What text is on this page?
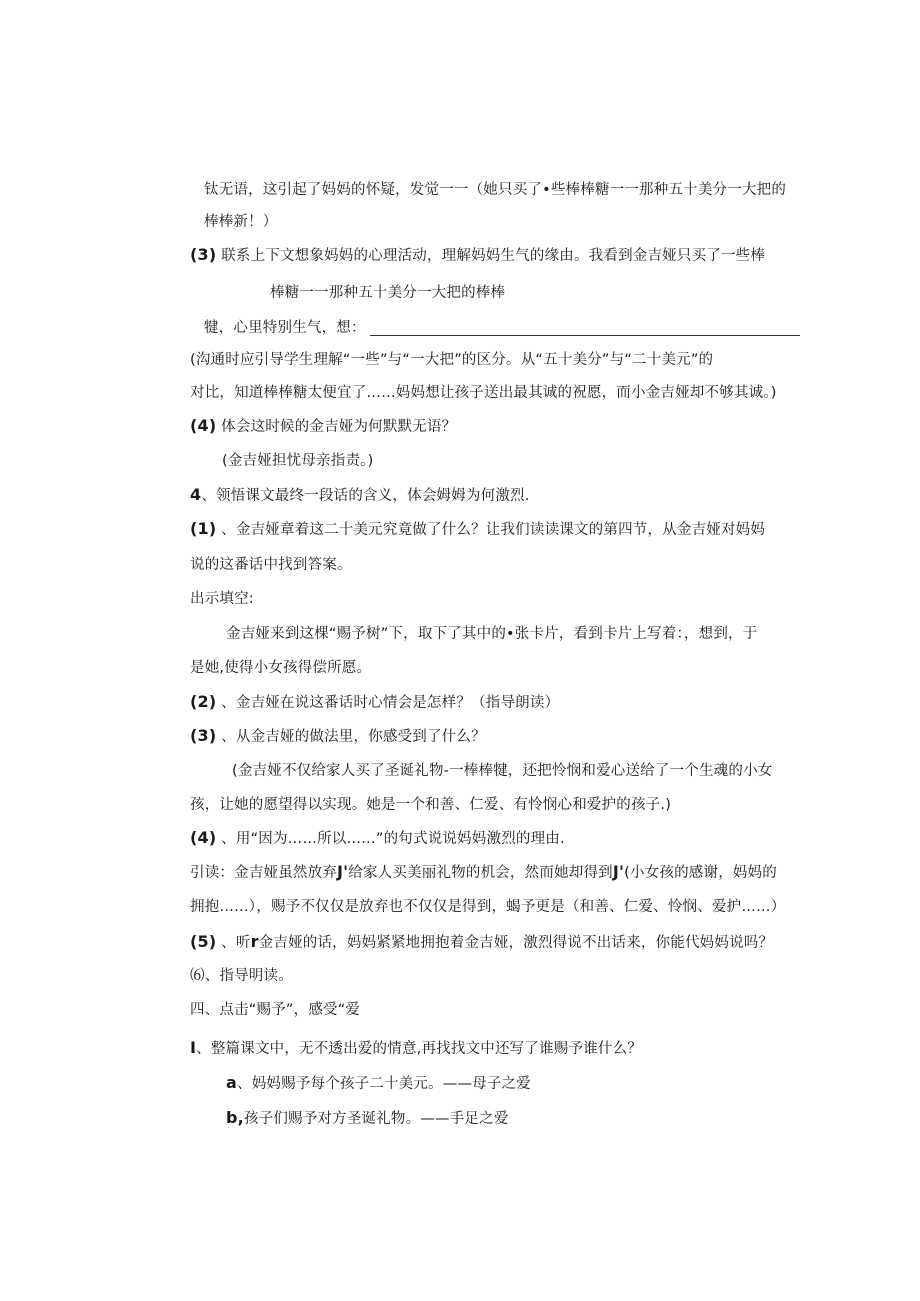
钛无语，这引起了妈妈的怀疑，发觉一一（她只买了•些棒棒糖一一那种五十美分一大把的
棒棒新！）
(3) 联系上下文想象妈妈的心理活动，理解妈妈生气的缘由。我看到金吉娅只买了一些棒
棒糖一一那种五十美分一大把的棒棒
犍，心里特别生气，想：
(沟通时应引导学生理解“一些”与“一大把”的区分。从“五十美分”与“二十美元”的
对比，知道棒棒糖太便宜了……妈妈想让孩子送出最其诚的祝愿，而小金吉娅却不够其诚。)
(4) 体会这时候的金吉娅为何默默无语？
(金吉娅担忧母亲指责。)
4、领悟课文最终一段话的含义，体会姆姆为何激烈.
(1) 、金吉娅章着这二十美元究竟做了什么？让我们读读课文的第四节，从金吉娅对妈妈
说的这番话中找到答案。
出示填空:
金吉娅来到这棵“赐予树”下，取下了其中的•张卡片，看到卡片上写着：，想到，于
是她,使得小女孩得偿所愿。
(2) 、金吉娅在说这番话时心情会是怎样？（指导朗读）
(3) 、从金吉娅的做法里，你感受到了什么？
(金吉娅不仅给家人买了圣诞礼物-一棒棒犍，还把怜悯和爱心送给了一个生魂的小女
孩，让她的愿望得以实现。她是一个和善、仁爱、有怜悯心和爱护的孩子.)
(4) 、用“因为……所以……”的句式说说妈妈激烈的理由.
引读：金吉娅虽然放弃J'给家人买美丽礼物的机会，然而她却得到J'(小女孩的感谢，妈妈的
拥抱……），赐予不仅仅是放弃也不仅仅是得到，蝎予更是（和善、仁爱、怜悯、爱护……）
(5) 、听r金吉娅的话，妈妈紧紧地拥抱着金吉娅，激烈得说不出话来，你能代妈妈说吗？
⑹、指导明读。
四、点击“赐予”，感受“爱
I、整篇课文中，无不透出爱的情意,再找找文中还写了谁赐予谁什么？
a、妈妈赐予每个孩子二十美元。——母子之爱
b,孩子们赐予对方圣诞礼物。——手足之爱
